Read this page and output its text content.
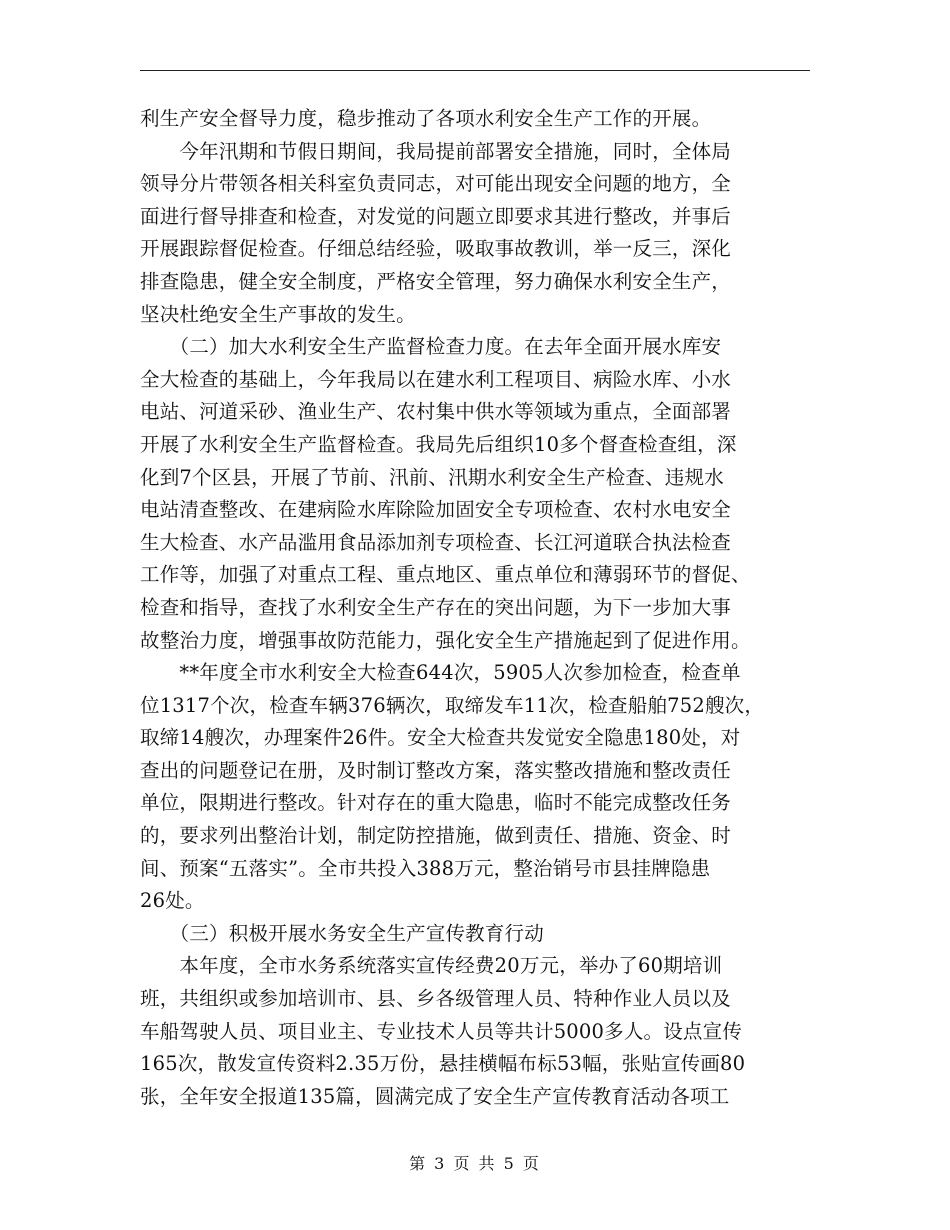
利生产安全督导力度，稳步推动了各项水利安全生产工作的开展。
　　今年汛期和节假日期间，我局提前部署安全措施，同时，全体局
领导分片带领各相关科室负责同志，对可能出现安全问题的地方，全
面进行督导排查和检查，对发觉的问题立即要求其进行整改，并事后
开展跟踪督促检查。仔细总结经验，吸取事故教训，举一反三，深化
排查隐患，健全安全制度，严格安全管理，努力确保水利安全生产，
坚决杜绝安全生产事故的发生。
　　（二）加大水利安全生产监督检查力度。在去年全面开展水库安
全大检查的基础上，今年我局以在建水利工程项目、病险水库、小水
电站、河道采砂、渔业生产、农村集中供水等领域为重点，全面部署
开展了水利安全生产监督检查。我局先后组织10多个督查检查组，深
化到7个区县，开展了节前、汛前、汛期水利安全生产检查、违规水
电站清查整改、在建病险水库除险加固安全专项检查、农村水电安全
生大检查、水产品滥用食品添加剂专项检查、长江河道联合执法检查
工作等，加强了对重点工程、重点地区、重点单位和薄弱环节的督促、
检查和指导，查找了水利安全生产存在的突出问题，为下一步加大事
故整治力度，增强事故防范能力，强化安全生产措施起到了促进作用。
　　**年度全市水利安全大检查644次，5905人次参加检查，检查单
位1317个次，检查车辆376辆次，取缔发车11次，检查船舶752艘次，
取缔14艘次，办理案件26件。安全大检查共发觉安全隐患180处，对
查出的问题登记在册，及时制订整改方案，落实整改措施和整改责任
单位，限期进行整改。针对存在的重大隐患，临时不能完成整改任务
的，要求列出整治计划，制定防控措施，做到责任、措施、资金、时
间、预案“五落实”。全市共投入388万元，整治销号市县挂牌隐患
26处。
　　（三）积极开展水务安全生产宣传教育行动
　　本年度，全市水务系统落实宣传经费20万元，举办了60期培训
班，共组织或参加培训市、县、乡各级管理人员、特种作业人员以及
车船驾驶人员、项目业主、专业技术人员等共计5000多人。设点宣传
165次，散发宣传资料2.35万份，悬挂横幅布标53幅，张贴宣传画80
张，全年安全报道135篇，圆满完成了安全生产宣传教育活动各项工
第 3 页 共 5 页
